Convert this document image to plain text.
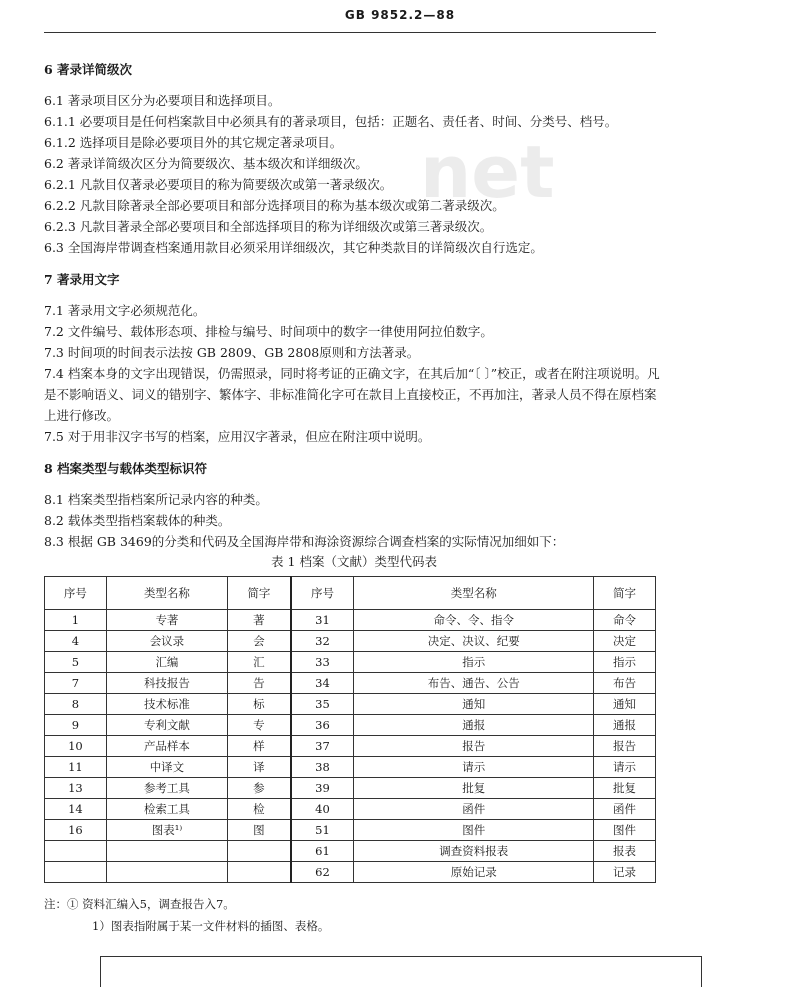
GB 9852.2—88
net
6 著录详简级次

6.1 著录项目区分为必要项目和选择项目。

6.1.1 必要项目是任何档案款目中必须具有的著录项目，包括：正题名、责任者、时间、分类号、档号。

6.1.2 选择项目是除必要项目外的其它规定著录项目。

6.2 著录详简级次区分为简要级次、基本级次和详细级次。

6.2.1 凡款目仅著录必要项目的称为简要级次或第一著录级次。

6.2.2 凡款目除著录全部必要项目和部分选择项目的称为基本级次或第二著录级次。

6.2.3 凡款目著录全部必要项目和全部选择项目的称为详细级次或第三著录级次。

6.3 全国海岸带调查档案通用款目必须采用详细级次，其它种类款目的详简级次自行选定。

7 著录用文字

7.1 著录用文字必须规范化。

7.2 文件编号、载体形态项、排检与编号、时间项中的数字一律使用阿拉伯数字。

7.3 时间项的时间表示法按 GB 2809、GB 2808原则和方法著录。

7.4 档案本身的文字出现错误，仍需照录，同时将考证的正确文字，在其后加“〔 〕”校正，或者在附注项说明。凡是不影响语义、词义的错别字、繁体字、非标准简化字可在款目上直接校正，不再加注，著录人员不得在原档案上进行修改。

7.5 对于用非汉字书写的档案，应用汉字著录，但应在附注项中说明。

8 档案类型与载体类型标识符

8.1 档案类型指档案所记录内容的种类。

8.2 载体类型指档案载体的种类。

8.3 根据 GB 3469的分类和代码及全国海岸带和海涂资源综合调查档案的实际情况加细如下：

表 1 档案（文献）类型代码表
序号	类型名称	简字	序号	类型名称	简字
1	专著	著	31	命令、令、指令	命令
4	会议录	会	32	决定、决议、纪要	决定
5	汇编	汇	33	指示	指示
7	科技报告	告	34	布告、通告、公告	布告
8	技术标准	标	35	通知	通知
9	专利文献	专	36	通报	通报
10	产品样本	样	37	报告	报告
11	中译文	译	38	请示	请示
13	参考工具	参	39	批复	批复
14	检索工具	检	40	函件	函件
16	图表¹⁾	图	51	图件	图件
			61	调查资料报表	报表
			62	原始记录	记录
注：① 资料汇编入5，调查报告入7。
1）图表指附属于某一文件材料的插图、表格。
